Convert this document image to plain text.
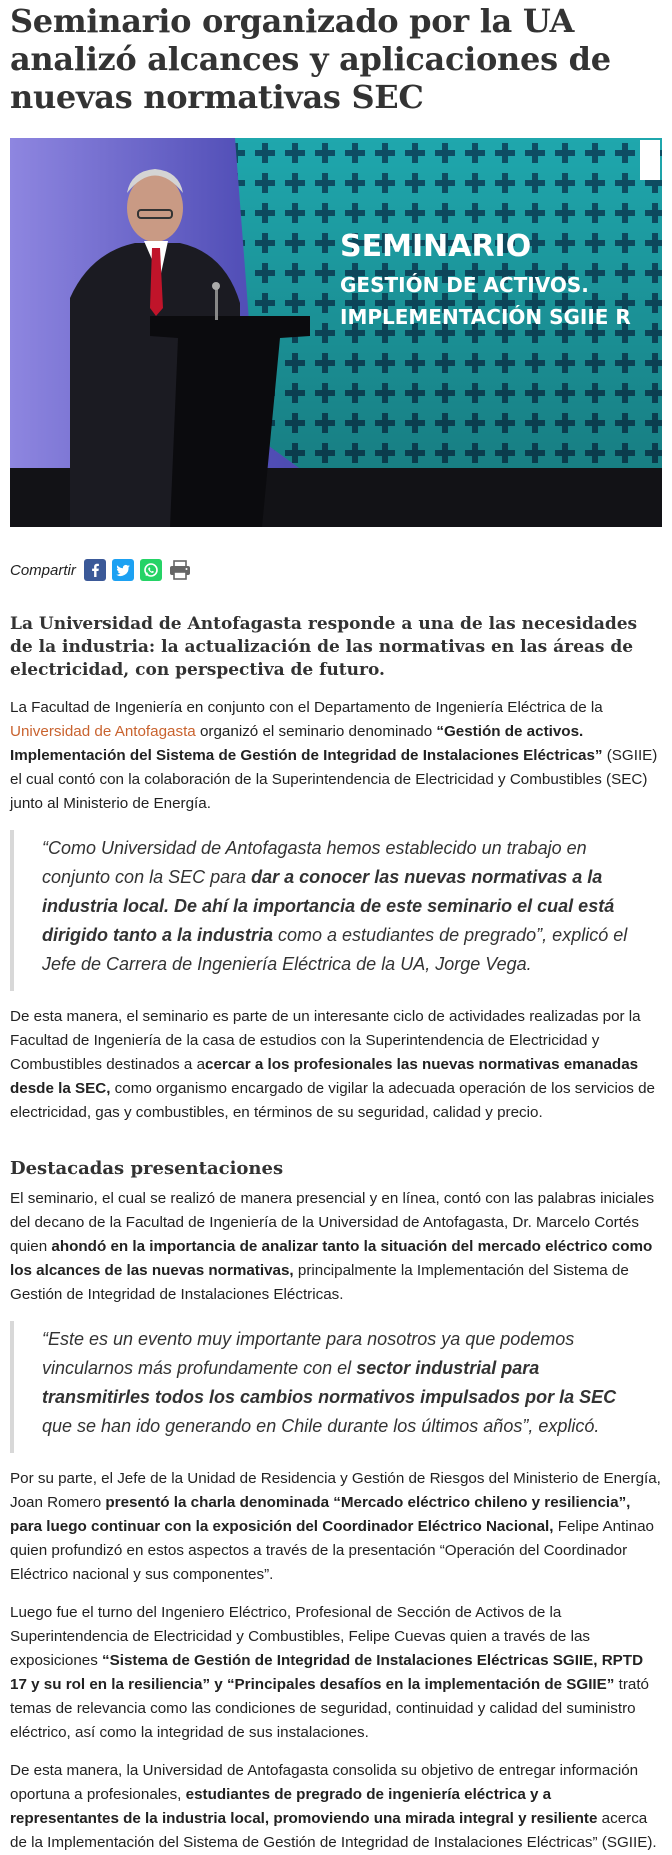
Seminario organizado por la UA analizó alcances y aplicaciones de nuevas normativas SEC
SEMINARIO
GESTIÓN DE ACTIVOS.
IMPLEMENTACIÓN SGIIE R
Compartir
La Universidad de Antofagasta responde a una de las necesidades de la industria: la actualización de las normativas en las áreas de electricidad, con perspectiva de futuro.

La Facultad de Ingeniería en conjunto con el Departamento de Ingeniería Eléctrica de la Universidad de Antofagasta organizó el seminario denominado “Gestión de activos. Implementación del Sistema de Gestión de Integridad de Instalaciones Eléctricas” (SGIIE) el cual contó con la colaboración de la Superintendencia de Electricidad y Combustibles (SEC) junto al Ministerio de Energía.

“Como Universidad de Antofagasta hemos establecido un trabajo en conjunto con la SEC para dar a conocer las nuevas normativas a la industria local. De ahí la importancia de este seminario el cual está dirigido tanto a la industria como a estudiantes de pregrado”, explicó el Jefe de Carrera de Ingeniería Eléctrica de la UA, Jorge Vega.

De esta manera, el seminario es parte de un interesante ciclo de actividades realizadas por la Facultad de Ingeniería de la casa de estudios con la Superintendencia de Electricidad y Combustibles destinados a acercar a los profesionales las nuevas normativas emanadas desde la SEC, como organismo encargado de vigilar la adecuada operación de los servicios de electricidad, gas y combustibles, en términos de su seguridad, calidad y precio.

Destacadas presentaciones

El seminario, el cual se realizó de manera presencial y en línea, contó con las palabras iniciales del decano de la Facultad de Ingeniería de la Universidad de Antofagasta, Dr. Marcelo Cortés quien ahondó en la importancia de analizar tanto la situación del mercado eléctrico como los alcances de las nuevas normativas, principalmente la Implementación del Sistema de Gestión de Integridad de Instalaciones Eléctricas.

“Este es un evento muy importante para nosotros ya que podemos vincularnos más profundamente con el sector industrial para transmitirles todos los cambios normativos impulsados por la SEC que se han ido generando en Chile durante los últimos años”, explicó.

Por su parte, el Jefe de la Unidad de Residencia y Gestión de Riesgos del Ministerio de Energía, Joan Romero presentó la charla denominada “Mercado eléctrico chileno y resiliencia”, para luego continuar con la exposición del Coordinador Eléctrico Nacional, Felipe Antinao quien profundizó en estos aspectos a través de la presentación “Operación del Coordinador Eléctrico nacional y sus componentes”.

Luego fue el turno del Ingeniero Eléctrico, Profesional de Sección de Activos de la Superintendencia de Electricidad y Combustibles, Felipe Cuevas quien a través de las exposiciones “Sistema de Gestión de Integridad de Instalaciones Eléctricas SGIIE, RPTD 17 y su rol en la resiliencia” y “Principales desafíos en la implementación de SGIIE” trató temas de relevancia como las condiciones de seguridad, continuidad y calidad del suministro eléctrico, así como la integridad de sus instalaciones.

De esta manera, la Universidad de Antofagasta consolida su objetivo de entregar información oportuna a profesionales, estudiantes de pregrado de ingeniería eléctrica y a representantes de la industria local, promoviendo una mirada integral y resiliente acerca de la Implementación del Sistema de Gestión de Integridad de Instalaciones Eléctricas” (SGIIE).
